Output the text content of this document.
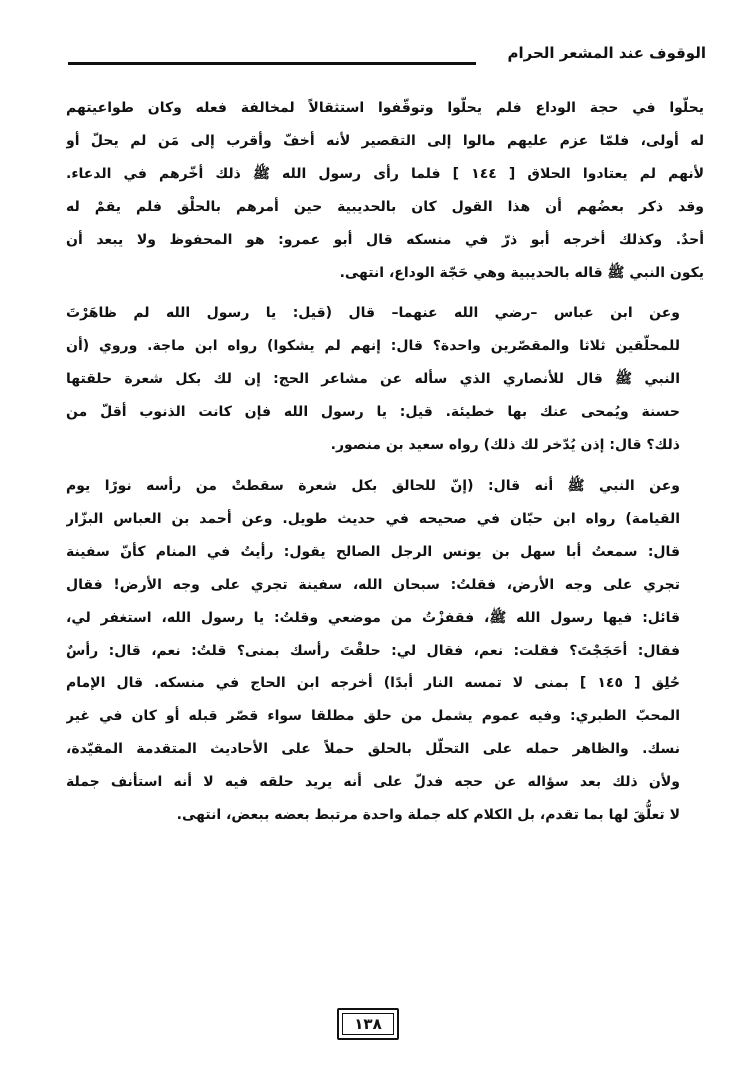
الوقوف عند المشعر الحرام

يحلّوا في حجة الوداع فلم يحلّوا وتوقّفوا استثقالاً لمخالفة فعله وكان طواعيتهم
له أولى، فلمّا عزم عليهم مالوا إلى التقصير لأنه أخفّ وأقرب إلى مَن لم يحلّ أو
لأنهم لم يعتادوا الحلاق [ ١٤٤ ] فلما رأى رسول الله ﷺ ذلك أخّرهم في الدعاء.
وقد ذكر بعضُهم أن هذا القول كان بالحديبية حين أمرهم بالحلْق فلم يقمْ له
أحدٌ. وكذلك أخرجه أبو ذرّ في منسكه قال أبو عمرو: هو المحفوظ ولا يبعد أن
يكون النبي ﷺ قاله بالحديبية وهي حَجّة الوداع، انتهى.

وعن ابن عباس –رضي الله عنهما– قال (قيل: يا رسول الله لم ظاهَرْتَ
للمحلّقين ثلاثا والمقصّرين واحدة؟ قال: إنهم لم يشكوا) رواه ابن ماجة. وروي (أن
النبي ﷺ قال للأنصاري الذي سأله عن مشاعر الحج: إن لك بكل شعرة حلقتها
حسنة ويُمحى عنك بها خطيئة. قيل: يا رسول الله فإن كانت الذنوب أقلّ من
ذلك؟ قال: إذن يُدّخر لك ذلك) رواه سعيد بن منصور.

وعن النبي ﷺ أنه قال: (إنّ للحالق بكل شعرة سقطتْ من رأسه نورًا يوم
القيامة) رواه ابن حبّان في صحيحه في حديث طويل. وعن أحمد بن العباس البزّار
قال: سمعتُ أبا سهل بن يونس الرجل الصالح يقول: رأيتُ في المنام كأنّ سفينة
تجري على وجه الأرض، فقلتُ: سبحان الله، سفينة تجري على وجه الأرض! فقال
قائل: فيها رسول الله ﷺ، فقفزْتُ من موضعي وقلتُ: يا رسول الله، استغفر لي،
فقال: أحَجَجْتَ؟ فقلت: نعم، فقال لي: حلقْتَ رأسك بمنى؟ قلتُ: نعم، قال: رأسٌ
حُلِق [ ١٤٥ ] بمنى لا تمسه النار أبدًا) أخرجه ابن الحاج في منسكه. قال الإمام
المحبّ الطبري: وفيه عموم يشمل من حلق مطلقا سواء قصّر قبله أو كان في غير
نسك. والظاهر حمله على التحلّل بالحلق حملاً على الأحاديث المتقدمة المقيّدة،
ولأن ذلك بعد سؤاله عن حجه فدلّ على أنه يريد حلقه فيه لا أنه استأنف جملة
لا تعلُّقَ لها بما تقدم، بل الكلام كله جملة واحدة مرتبط بعضه ببعض، انتهى.

١٣٨
